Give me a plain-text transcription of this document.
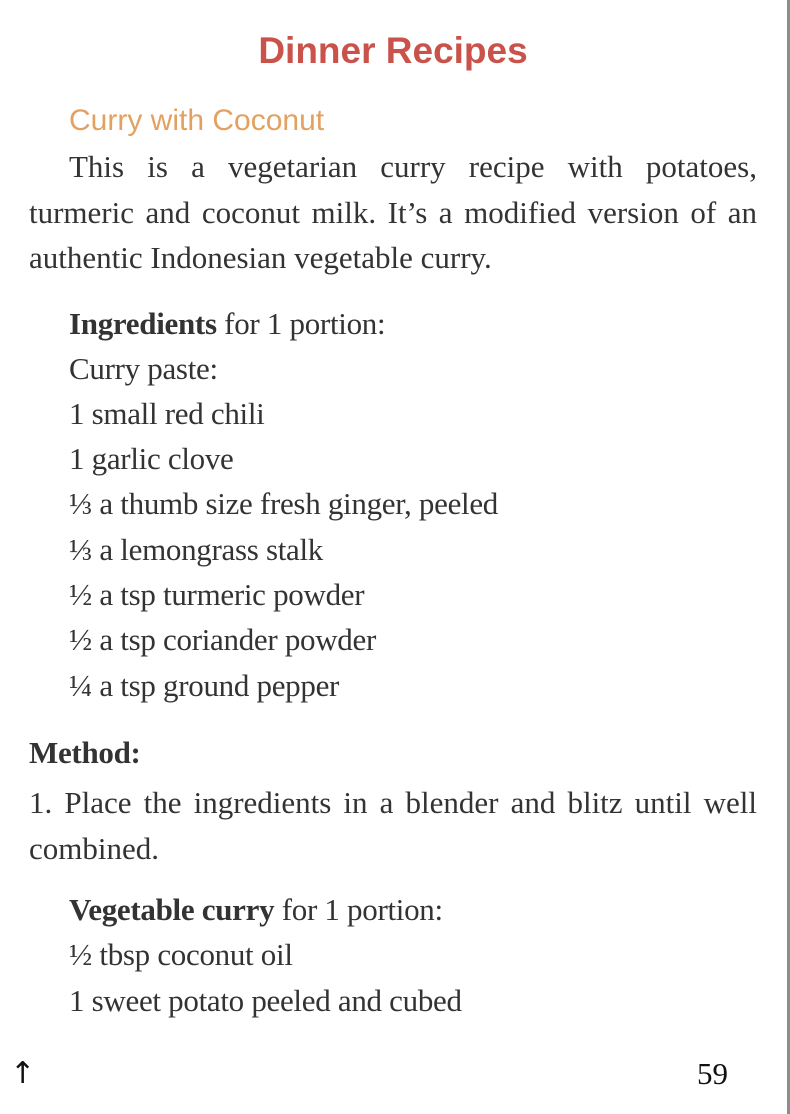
Dinner Recipes
Curry with Coconut

This is a vegetarian curry recipe with potatoes, turmeric and coconut milk. It’s a modified version of an authentic Indonesian vegetable curry.

Ingredients for 1 portion:
Curry paste:
1 small red chili
1 garlic clove
⅓ a thumb size fresh ginger, peeled
⅓ a lemongrass stalk
½ a tsp turmeric powder
½ a tsp coriander powder
¼ a tsp ground pepper
Method:

1. Place the ingredients in a blender and blitz until well combined.

Vegetable curry for 1 portion:
½ tbsp coconut oil
1 sweet potato peeled and cubed
↑	59
